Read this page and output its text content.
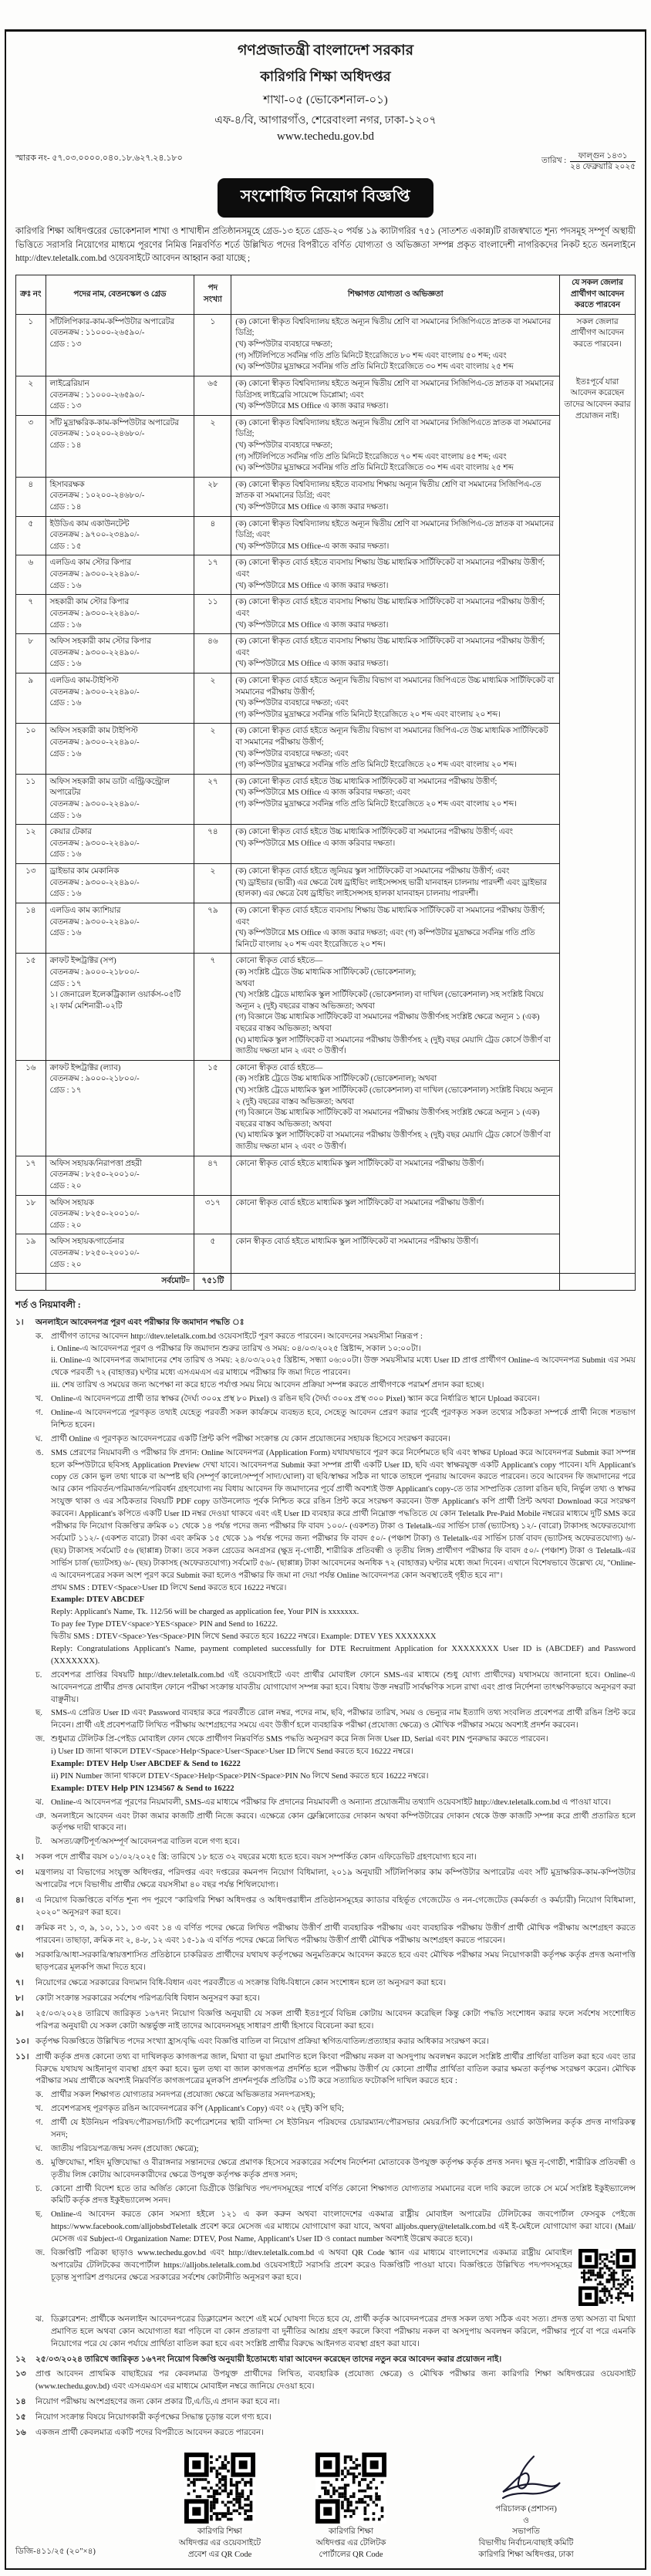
গণপ্রজাতন্ত্রী বাংলাদেশ সরকার
কারিগরি শিক্ষা অধিদপ্তর
শাখা-০৫ (ভোকেশনাল-০১)
এফ-৪/বি, আগারগাঁও, শেরেবাংলা নগর, ঢাকা-১২০৭
www.techedu.gov.bd
স্মারক নং- ৫৭.০৩.০০০০.০৪০.১৮.৬২৭.২৪.১৮০	তারিখ : $\frac{\text{ফাল্গুন ১৪৩১}}{\text{২৪ ফেব্রুয়ারি ২০২৫}}$
সংশোধিত নিয়োগ বিজ্ঞপ্তি

কারিগরি শিক্ষা অধিদপ্তরের ভোকেশনাল শাখা ও শাখাধীন প্রতিষ্ঠানসমূহে গ্রেড-১৩ হতে গ্রেড-২০ পর্যন্ত ১৯ ক্যাটাগরির ৭৫১ (সাতশত একান্ন)টি রাজস্বখাতে শূন্য পদসমূহ সম্পূর্ণ অস্থায়ী ভিত্তিতে সরাসরি নিয়োগের মাধ্যমে পূরণের নিমিত্ত নিম্নবর্ণিত শর্তে উল্লিখিত পদের বিপরীতে বর্ণিত যোগ্যতা ও অভিজ্ঞতা সম্পন্ন প্রকৃত বাংলাদেশী নাগরিকদের নিকট হতে অনলাইনে http://dtev.teletalk.com.bd ওয়েবসাইটে আবেদন আহ্বান করা যাচ্ছে ;

ক্রঃ নং	পদের নাম, বেতনস্কেল ও গ্রেড	পদ সংখ্যা	শিক্ষাগত যোগ্যতা ও অভিজ্ঞতা	যে সকল জেলার প্রার্থীগণ আবেদন করতে পারবেন
১	সাঁটলিপিকার-কাম-কম্পিউটার অপারেটর
বেতনক্রম : ১১০০০-২৬৫৯০/-
গ্রেড : ১৩
	১	(ক) কোনো স্বীকৃত বিশ্ববিদ্যালয় হইতে অন্যূন দ্বিতীয় শ্রেণি বা সমমানের সিজিপিএতে স্নাতক বা সমমানের ডিগ্রি;
(খ) কম্পিউটার ব্যবহারে দক্ষতা;
(গ) সাঁটলিপিতে সর্বনিম্ন গতি প্রতি মিনিটে ইংরেজিতে ৮০ শব্দ এবং বাংলায় ৫০ শব্দ; এবং
(ঘ) কম্পিউটার মুদ্রাক্ষরে সর্বনিম্ন গতি প্রতি মিনিটে ইংরেজিতে ৩০ শব্দ এবং বাংলায় ২৫ শব্দ

সকল জেলার প্রার্থীগণ আবেদন করতে পারবেন।
ইতঃপূর্বে যারা আবেদন করেছেন তাদের আবেদন করার প্রয়োজন নাই।

২	লাইব্রেরিয়ান
বেতনক্রম : ১১০০০-২৬৫৯০/-
গ্রেড : ১৩
	৬৫	(ক) কোনো স্বীকৃত বিশ্ববিদ্যালয় হইতে অন্যূন দ্বিতীয় শ্রেণি বা সমমানের সিজিপিএ-তে স্নাতক বা সমমানের ডিগ্রিসহ লাইব্রেরি সায়েন্সে ডিপ্লোমা; এবং
(খ) কম্পিউটারে MS Office এ কাজ করার দক্ষতা।

৩	সাঁট মুদ্রাক্ষরিক-কাম-কম্পিউটার অপারেটর
বেতনক্রম : ১০২০০-২৪৬৮০/-
গ্রেড : ১৪
	২	(ক) কোনো স্বীকৃত বিশ্ববিদ্যালয় হইতে অন্যূন দ্বিতীয় শ্রেণি বা সমমানের সিজিপিএতে স্নাতক বা সমমানের ডিগ্রি;
(খ) কম্পিউটার ব্যবহারে দক্ষতা;
(গ) সাঁটলিপিতে সর্বনিম্ন গতি প্রতি মিনিটে ইংরেজিতে ৭০ শব্দ এবং বাংলায় ৪৫ শব্দ; এবং
(ঘ) কম্পিউটার মুদ্রাক্ষরে সর্বনিম্ন গতি প্রতি মিনিটে ইংরেজিতে ৩০ শব্দ এবং বাংলায় ২৫ শব্দ

৪	হিসাবরক্ষক
বেতনক্রম : ১০২০০-২৪৬৮০/-
গ্রেড : ১৪
	২৮	(ক) কোনো স্বীকৃত বিশ্ববিদ্যালয় হইতে ব্যবসায় শিক্ষায় অন্যূন দ্বিতীয় শ্রেণি বা সমমানের সিজিপিএ-তে স্নাতক বা সমমানের ডিগ্রি; এবং
(খ) কম্পিউটারে MS Office এ কাজ করার দক্ষতা।

৫	ইউডিএ কাম একাউনটেন্ট
বেতনক্রম : ৯৭০০-২৩৪৯০/-
গ্রেড : ১৫
	৪	(ক) কোনো স্বীকৃত বিশ্ববিদ্যালয় হইতে অন্যূন দ্বিতীয় শ্রেণি বা সমমানের সিজিপিএ-তে স্নাতক বা সমমানের ডিগ্রি; এবং
(খ) কম্পিউটারে MS Office-এ কাজ করার দক্ষতা।

৬	এলডিএ কাম স্টোর কিপার
বেতনক্রম : ৯৩০০-২২৪৯০/-
গ্রেড : ১৬
	১৭	(ক) কোনো স্বীকৃত বোর্ড হইতে ব্যবসায় শিক্ষায় উচ্চ মাধ্যমিক সার্টিফিকেট বা সমমানের পরীক্ষায় উত্তীর্ণ; এবং
(খ) কম্পিউটারে MS Office এ কাজ করার দক্ষতা।

৭	সহকারী কাম স্টোর কিপার
বেতনক্রম : ৯৩০০-২২৪৯০/-
গ্রেড : ১৬
	১১	(ক) কোনো স্বীকৃত বোর্ড হইতে ব্যবসায় শিক্ষায় উচ্চ মাধ্যমিক সার্টিফিকেট বা সমমানের পরীক্ষায় উত্তীর্ণ; এবং
(খ) কম্পিউটারে MS Office এ কাজ করার দক্ষতা।

৮	অফিস সহকারী কাম স্টোর কিপার
বেতনক্রম : ৯৩০০-২২৪৯০/-
গ্রেড : ১৬
	৪৬	(ক) কোনো স্বীকৃত বোর্ড হইতে ব্যবসায় শিক্ষায় উচ্চ মাধ্যমিক সার্টিফিকেট বা সমমানের পরীক্ষায় উত্তীর্ণ; এবং
(খ) কম্পিউটারে MS Office এ কাজ করার দক্ষতা।

৯	এলডিএ কাম-টাইপিস্ট
বেতনক্রম : ৯৩০০-২২৪৯০/-
গ্রেড : ১৬
	২	(ক) কোনো স্বীকৃত বোর্ড হইতে অন্যূন দ্বিতীয় বিভাগ বা সমমানের জিপিএতে উচ্চ মাধ্যমিক সার্টিফিকেট বা সমমানের পরীক্ষায় উত্তীর্ণ;
(খ) কম্পিউটার ব্যবহারে দক্ষতা; এবং
(গ) কম্পিউটার মুদ্রাক্ষরে সর্বনিম্ন গতি মিনিটে ইংরেজিতে ২০ শব্দ এবং বাংলায় ২০ শব্দ।

১০	অফিস সহকারী কাম টাইপিস্ট
বেতনক্রম : ৯৩০০-২২৪৯০/-
গ্রেড : ১৬
	২	(ক) কোনো স্বীকৃত বোর্ড হইতে অন্যূন দ্বিতীয় বিভাগ বা সমমানের জিপিএ-তে উচ্চ মাধ্যমিক সার্টিফিকেট বা সমমানের পরীক্ষায় উত্তীর্ণ;
(খ) কম্পিউটার ব্যবহারে দক্ষতা; এবং
(গ) কম্পিউটার মুদ্রাক্ষরে সর্বনিম্ন গতি প্রতি মিনিটে ইংরেজিতে ২০ শব্দ এবং বাংলায় ২০ শব্দ।

১১	অফিস সহকারী কাম ডাটা এন্ট্রি/কন্ট্রোল অপারেটর
বেতনক্রম : ৯৩০০-২২৪৯০/-
গ্রেড : ১৬
	২৭	(ক) কোনো স্বীকৃত বোর্ড হইতে উচ্চ মাধ্যমিক সার্টিফিকেট বা সমমানের পরীক্ষায় উত্তীর্ণ;
(খ) কম্পিউটারে MS Office এ কাজ করিবার দক্ষতা; এবং
(গ) কম্পিউটার মুদ্রাক্ষরে সর্বনিম্ন গতি প্রতি মিনিটে ইংরেজিতে ২০ শব্দ এবং বাংলায় ২০ শব্দ।

১২	কেয়ার টেকার
বেতনক্রম : ৯৩০০-২২৪৯০/-
গ্রেড : ১৬
	৭৪	(ক) কোনো স্বীকৃত বোর্ড হইতে উচ্চ মাধ্যমিক সার্টিফিকেট বা সমমানের পরীক্ষায় উত্তীর্ণ; এবং
(খ) কম্পিউটারে MS Office এ কাজ করিবার দক্ষতা।

১৩	ড্রাইভার কাম মেকানিক
বেতনক্রম : ৯৩০০-২২৪৯০/-
গ্রেড : ১৬
	২	(ক) কোনো স্বীকৃত বোর্ড হইতে জুনিয়র স্কুল সার্টিফিকেট বা সমমানের পরীক্ষায় উত্তীর্ণ; এবং
(খ) ড্রাইভার (ভারী) এর ক্ষেত্রে বৈধ ড্রাইভিং লাইসেন্সসহ ভারী যানবাহন চালনায় পারদর্শী এবং ড্রাইভার (হালকা) এর ক্ষেত্রে বৈধ ড্রাইভিং লাইসেন্সসহ হালকা যানবাহন চালনায় পারদর্শী।

১৪	এলডিএ কাম ক্যাশিয়ার
বেতনক্রম : ৯৩০০-২২৪৯০/-
গ্রেড : ১৬
	৭৯	(ক) কোনো স্বীকৃত বোর্ড হইতে ব্যবসায় শিক্ষায় উচ্চ মাধ্যমিক সার্টিফিকেট বা সমমানের পরীক্ষায় উত্তীর্ণ; এবং
(খ) কম্পিউটারে MS Office এ কাজ করার দক্ষতা; এবং (গ) কম্পিউটার মুদ্রাক্ষরে সর্বনিম্ন গতি প্রতি মিনিটে বাংলায় ২০ শব্দ এবং ইংরেজিতে ২০ শব্দ।

১৫	ক্রাফট ইন্সট্রাক্টর (সপ)
বেতনক্রম : ৯০০০-২১৮০০/-
গ্রেড : ১৭
১। জেনারেল ইলেকট্রিক্যাল ওয়ার্কস-০৫টি
২। ফার্ম মেশিনারী-০২টি
	৭	কোনো স্বীকৃত বোর্ড হইতে—
(ক) সংশ্লিষ্ট ট্রেডে উচ্চ মাধ্যমিক সার্টিফিকেট (ভোকেশনাল);
অথবা
(খ) সংশ্লিষ্ট ট্রেডে মাধ্যমিক স্কুল সার্টিফিকেট (ভোকেশনাল) বা দাখিল (ভোকেশনাল) সহ সংশ্লিষ্ট বিষয়ে অন্যূন ২ (দুই) বছরের বাস্তব অভিজ্ঞতা; অথবা
(গ) বিজ্ঞানে উচ্চ মাধ্যমিক সার্টিফিকেট বা সমমানের পরীক্ষায় উত্তীর্ণসহ সংশ্লিষ্ট ক্ষেত্রে অন্যূন ১ (এক) বছরের বাস্তব অভিজ্ঞতা; অথবা
(ঘ) মাধ্যমিক স্কুল সার্টিফিকেট বা সমমানের পরীক্ষায় উত্তীর্ণসহ ২ (দুই) বছর মেয়াদি ট্রেড কোর্সে উত্তীর্ণ বা জাতীয় দক্ষতা মান ২ এবং ৩ উত্তীর্ণ।

১৬	ক্রাফট ইন্সট্রাক্টর (ল্যাব)
বেতনক্রম : ৯০০০-২১৮০০/-
গ্রেড : ১৭
	১৫	কোনো স্বীকৃত বোর্ড হইতে—
(ক) সংশ্লিষ্ট ট্রেডে উচ্চ মাধ্যমিক সার্টিফিকেট (ভোকেশনাল); অথবা
(খ) সংশ্লিষ্ট ট্রেডে মাধ্যমিক স্কুল সার্টিফিকেট (ভোকেশনাল) বা দাখিল (ভোকেশনাল) সংশ্লিষ্ট বিষয়ে অন্যূন ২ (দুই) বছরের বাস্তব অভিজ্ঞতা; অথবা
(গ) বিজ্ঞানে উচ্চ মাধ্যমিক সার্টিফিকেট বা সমমানের পরীক্ষায় উত্তীর্ণসহ সংশ্লিষ্ট ক্ষেত্রে অন্যূন ১ (এক) বছরের বাস্তব অভিজ্ঞতা; অথবা
(ঘ) মাধ্যমিক স্কুল সার্টিফিকেট বা সমমানের পরীক্ষায় উত্তীর্ণসহ ২ (দুই) বছর মেয়াদি ট্রেড কোর্সে উত্তীর্ণ বা জাতীয় দক্ষতা মান ২ এবং ৩ উত্তীর্ণ।

১৭	অফিস সহায়ক/নিরাপত্তা প্রহরী
বেতনক্রম : ৮২৫০-২০০১০/-
গ্রেড : ২০	৪৭	কোনো স্বীকৃত বোর্ড হইতে মাধ্যমিক স্কুল সার্টিফিকেট বা সমমানের পরীক্ষায় উত্তীর্ণ।	

১৮	অফিস সহায়ক
বেতনক্রম : ৮২৫০-২০০১০/-
গ্রেড : ২০	৩১৭	কোনো স্বীকৃত বোর্ড হইতে মাধ্যমিক স্কুল সার্টিফিকেট বা সমমানের পরীক্ষায় উত্তীর্ণ।	

১৯	অফিস সহায়ক/গার্ডেনার
বেতনক্রম : ৮২৫০-২০০১০/-
গ্রেড : ২০	৫	কোন স্বীকৃত বোর্ড হইতে মাধ্যমিক স্কুল সার্টিফিকেট বা সমমানের পরীক্ষায় উত্তীর্ণ।	

	সর্বমোট=	৭৫১টি		
শর্ত ও নিয়মাবলী :
১।	অনলাইনে আবেদনপত্র পূরণ এবং পরীক্ষার ফি জমাদান পদ্ধতি ঃ
ক. প্রার্থীগণ তাদের আবেদন http://dtev.teletalk.com.bd ওয়েবসাইটে পূরণ করতে পারবেন। আবেদনের সময়সীমা নিম্নরূপ :
i. Online-এ আবেদনপত্র পূরণ ও পরীক্ষার ফি জমাদান শুরুর তারিখ ও সময়: ০৪/০৩/২০২৫ খ্রিষ্টাব্দ, সকাল ১০:০০টা।
ii. Online-এ আবেদনপত্র জমাদানের শেষ তারিখ ও সময়: ২৪/০৩/২০২৫ খ্রিষ্টাব্দ, সন্ধ্যা ০৬:০০টা। উক্ত সময়সীমার মধ্যে User ID প্রাপ্ত প্রার্থীগণ Online-এ আবেদনপত্র Submit এর সময় থেকে পরবর্তী ৭২ (বাহাত্তর) ঘণ্টার মধ্যে এসএমএস এর মাধ্যমে পরীক্ষার ফি জমা দিতে পারবেন।
iii. শেষ তারিখ ও সময়ের জন্য অপেক্ষা না করে হাতে পর্যাপ্ত সময় নিয়ে আবেদন প্রক্রিয়া সম্পন্ন করতে প্রার্থীগণকে পরামর্শ প্রদান করা হচ্ছে।
খ. Online-এ আবেদনপত্রে প্রার্থী তার স্বাক্ষর (দৈর্ঘ্য ৩০০x প্রস্থ ৮০ Pixel) ও রঙিন ছবি (দৈর্ঘ্য ৩০০x প্রস্থ ৩০০ Pixel) স্ক্যান করে নির্ধারিত স্থানে Upload করবেন।
গ. Online-এ আবেদনপত্রে পূরণকৃত তথ্যই যেহেতু পরবর্তী সকল কার্যক্রমে ব্যবহৃত হবে, সেহেতু আবেদন প্রেরণ করার পূর্বেই পূরণকৃত সকল তথ্যের সঠিকতা সম্পর্কে প্রার্থী নিজে শতভাগ নিশ্চিত হবেন।
ঘ.	প্রার্থী Online এ পূরণকৃত আবেদনপত্রের একটি প্রিন্ট কপি পরীক্ষা সংক্রান্ত যে কোন প্রয়োজনের সহায়ক হিসেবে সংরক্ষণ করবেন।
ঙ. SMS প্রেরণের নিয়মাবলী ও পরীক্ষার ফি প্রদান: Online আবেদনপত্র (Application Form) যথাযথভাবে পূরণ করে নির্দেশমতে ছবি এবং স্বাক্ষর Upload করে আবেদনপত্র Submit করা সম্পন্ন হলে কম্পিউটারে ছবিসহ Application Preview দেখা যাবে। আবেদনপত্র Submit করা সম্পন্ন প্রার্থী একটি User ID, ছবি এবং স্বাক্ষরযুক্ত একটি Applicant's copy পাবেন। যদি Applicant's copy তে কোন ভুল তথ্য থাকে বা অস্পষ্ট ছবি (সম্পূর্ণ কালো/সম্পূর্ণ সাদা/ঘোলা) বা ছবি/স্বাক্ষর সঠিক না থাকে তাহলে পুনরায় আবেদন করতে পারবেন। তবে আবেদন ফি জমাদানের পরে আর কোন পরিবর্তন/পরিমার্জন/পরিবর্ধন গ্রহণযোগ্য নয় বিধায় আবেদন ফি জমাদানের পূর্বে প্রার্থী অবশ্যই উক্ত Applicant's copy-তে তার সাম্প্রতিক তোলা রঙিন ছবি, নির্ভুল তথ্য ও স্বাক্ষর সংযুক্ত থাকা ও এর সঠিকতার বিষয়টি PDF copy ডাউনলোড পূর্বক নিশ্চিত করে রঙিন প্রিন্ট করে সংরক্ষণ করবেন। উক্ত Applicant's কপি প্রার্থী প্রিন্ট অথবা Download করে সংরক্ষণ করবেন। Applicant's কপিতে একটি User ID নম্বর দেওয়া থাকবে এবং এই User ID ব্যবহার করে প্রার্থী নিম্নোক্ত পদ্ধতিতে যে কোন Teletalk Pre-Paid Mobile নম্বরের মাধ্যমে দুটি SMS করে পরীক্ষার ফি নিয়োগ বিজ্ঞপ্তি'র ক্রমিক ০১ থেকে ১৪ পর্যন্ত পদের জন্য পরীক্ষার ফি বাবদ ১০০/- (একশত) টাকা ও Teletalk-এর সার্ভিস চার্জ (ভ্যাটসহ) ১২/- (বারো) টাকাসহ অফেরতযোগ্য সর্বমোট ১১২/- (একশত বারো) টাকা এবং ক্রমিক ১৫ থেকে ১৯ পর্যন্ত পদের জন্য পরীক্ষার ফি বাবদ ৫০/- (পঞ্চাশ টাকা) ও Teletalk-এর সার্ভিস চার্জ বাবদ (ভ্যাটসহ অফেরতযোগ্য) ৬/- (ছয়) টাকাসহ সর্বমোট ৫৬ (ছাপ্পান্ন) টাকা। তবে সকল গ্রেডের অনগ্রসর (ক্ষুদ্র নৃ-গোষ্ঠী, শারীরিক প্রতিবন্ধী ও তৃতীয় লিঙ্গ) প্রার্থীগণ পরীক্ষার ফি বাবদ ৫০/- (পঞ্চাশ) টাকা ও Teletalk-এর সার্ভিস চার্জ (ভ্যাটসহ) ৬/- (ছয়) টাকাসহ (অফেরতযোগ্য) সর্বমোট ৫৬/- (ছাপ্পান্ন) টাকা আবেদনের অনধিক ৭২ (বাহাত্তর) ঘণ্টার মধ্যে জমা দিবেন। এখানে বিশেষভাবে উল্লেখ্য যে, "Online-এ আবেদনপত্রের সকল অংশ পূরণ করে Submit করা হলেও পরীক্ষার ফি জমা না দেয়া পর্যন্ত Online আবেদনপত্র কোন অবস্থাতেই গৃহীত হবে না"।
প্রথম SMS : DTEV<Space>User ID লিখে Send করতে হবে 16222 নম্বরে।
Example: DTEV ABCDEF
Reply: Applicant's Name, Tk. 112/56 will be charged as application fee, Your PIN is xxxxxxx.
To pay fee Type DTEV<space>YES<space> PIN and Send to 16222.
দ্বিতীয় SMS : DTEV<Space>Yes<Space>PIN লিখে Send করতে হবে 16222 নম্বরে। Example: DTEV YES XXXXXXX
Reply: Congratulations Applicant's Name, payment completed successfully for DTE Recruitment Application for XXXXXXXX User ID is (ABCDEF) and Password (XXXXXXX).
চ.	প্রবেশপত্র প্রাপ্তির বিষয়টি http://dtev.teletalk.com.bd এই ওয়েবসাইটে এবং প্রার্থীর মোবাইল ফোনে SMS-এর মাধ্যমে (শুধু যোগ্য প্রার্থীদের) যথাসময়ে জানানো হবে। Online-এ আবেদনপত্রে প্রার্থীর প্রদত্ত মোবাইল ফোনে পরীক্ষা সংক্রান্ত যাবতীয় যোগাযোগ সম্পন্ন করা হবে। বিধায় উক্ত নম্বরটি সার্বক্ষণিক সচল রাখা এবং প্রাপ্ত নির্দেশনা তাৎক্ষণিকভাবে অনুসরণ করা বাঞ্ছনীয়।
ছ.	SMS-এ প্রেরিত User ID এবং Password ব্যবহার করে পরবর্তীতে রোল নম্বর, পদের নাম, ছবি, পরীক্ষার তারিখ, সময় ও ভেন্যুর নাম ইত্যাদি তথ্য সংবলিত প্রবেশপত্র প্রার্থী রঙিন প্রিন্ট করে নিবেন। প্রার্থী এই প্রবেশপত্রটি লিখিত পরীক্ষায় অংশগ্রহণের সময়ে এবং উত্তীর্ণ হলে ব্যবহারিক পরীক্ষা (প্রযোজ্য ক্ষেত্রে) ও মৌখিক পরীক্ষার সময়ে অবশ্যই প্রদর্শন করবেন।
জ. শুধুমাত্র টেলিটক প্রি-পেইড মোবাইল ফোন থেকে প্রার্থীগণ নিম্নবর্ণিত SMS পদ্ধতি অনুসরণ করে নিজ নিজ User ID, Serial এবং PIN পুনরুদ্ধার করতে পারবেন।
i) User ID জানা থাকলে DTEV<Space>Help<Space>User<Space>User ID লিখে Send করতে হবে 16222 নম্বরে।
Example: DTEV Help User ABCDEF & Send to 16222
ii) PIN Number জানা থাকলে DTEV<Space>Help<Space>PIN<Space>PIN No লিখে Send করতে হবে 16222 নম্বরে।
Example: DTEV Help PIN 1234567 & Send to 16222
ঝ. Online-এ আবেদনপত্র পূরণের নিয়মাবলী, SMS-এর মাধ্যমে পরীক্ষার ফি প্রদানের নিয়মাবলী ও অন্যান্য প্রয়োজনীয় তথ্যাদি ওয়েবসাইট http://dtev.teletalk.com.bd এ পাওয়া যাবে।
ঞ. অনলাইনে আবেদন এবং টাকা জমার কাজটি প্রার্থী নিজে করবে। এক্ষেত্রে কোন ফ্লেক্সিলোডের দোকান অথবা কম্পিউটারের দোকান থেকে উক্ত কাজটি সম্পন্ন করে প্রার্থী প্রতারিত হলে কর্তৃপক্ষ দায়ী থাকবে না।
ট.	অসত্য/ত্রুটিপূর্ণ/অসম্পূর্ণ আবেদনপত্র বাতিল বলে গণ্য হবে।
২।	সকল পদে প্রার্থীর বয়স ০১/০২/২০২৫ খ্রি: তারিখে ১৮ হতে ৩২ বছরের মধ্যে হতে হবে। বয়স সম্পর্কিত কোন এফিডেভিট গ্রহণযোগ্য হবে না।
৩।	মন্ত্রণালয় বা বিভাগের সংযুক্ত অধিদপ্তর, পরিদপ্তর এবং দপ্তরের কমনপদ নিয়োগ বিধিমালা, ২০১৯ অনুযায়ী সাঁটলিপিকার কাম কম্পিউটার অপারেটর এবং সাঁট মুদ্রাক্ষরিক-কাম-কম্পিউটার অপারেটর পদে বিভাগীয় প্রার্থীর ক্ষেত্রে বয়সসীমা ৪০ বছর পর্যন্ত শিথিলযোগ্য।
৪।	এ নিয়োগ বিজ্ঞপ্তিতে বর্ণিত শূন্য পদ পূরণে "কারিগরি শিক্ষা অধিদপ্তর ও অধিদপ্তরাধীন প্রতিষ্ঠানসমূহের ক্যাডার বহির্ভূত গেজেটেড ও নন-গেজেটেড (কর্মকর্তা ও কর্মচারী) নিয়োগ বিধিমালা, ২০২০" অনুসরণ করা হবে।
৫।	ক্রমিক নং ১, ৩, ৯, ১০, ১১, ১৩ এবং ১৪ এ বর্ণিত পদের ক্ষেত্রে লিখিত পরীক্ষায় উত্তীর্ণ প্রার্থী ব্যবহারিক পরীক্ষায় এবং ব্যবহারিক পরীক্ষায় উত্তীর্ণ প্রার্থী মৌখিক পরীক্ষায় অংশগ্রহণ করতে পারবেন। তাছাড়া, ক্রমিক নং ২, ৪-৮, ১২ এবং ১৫-১৯ এ বর্ণিত পদের ক্ষেত্রে লিখিত পরীক্ষায় উত্তীর্ণ প্রার্থী মৌখিক পরীক্ষায় অংশগ্রহণ করতে পারবেন।
৬।	সরকারি/আধা-সরকারি/স্বায়ত্তশাসিত প্রতিষ্ঠানে চাকরিরত প্রার্থীদের যথাযথ কর্তৃপক্ষের অনুমতিক্রমে আবেদন করতে হবে এবং মৌখিক পরীক্ষার সময় নিয়োগকারী কর্তৃপক্ষ কর্তৃক প্রদত্ত অনাপত্তি ছাড়পত্রের মূলকপি জমা দিতে হবে।
৭।	নিয়োগের ক্ষেত্রে সরকারের বিদ্যমান বিধি-বিধান এবং পরবর্তীতে এ সংক্রান্ত বিধি-বিধানে কোন সংশোধন হলে তা অনুসরণ করা হবে।
৮।	কোটা সংক্রান্ত সরকারের সর্বশেষ পরিপত্র/বিধি বিধান অনুসরণ করা হবে।
৯।	২৫/০৩/২০২৪ তারিখে জারিকৃত ১৬৭নং নিয়োগ বিজ্ঞপ্তি অনুযায়ী যে সকল প্রার্থী ইতঃপূর্বে বিভিন্ন কোটায় আবেদন করেছিল কিন্তু কোটা পদ্ধতি সংশোধন করার ফলে সর্বশেষ সংশোধিত পরিপত্র অনুযায়ী যে সকল কোটা অন্তর্ভুক্ত নাই তাদের আবেদনসমূহ সাধারণ প্রার্থী হিসাবে বিবেচনা করা হবে।
১০। কর্তৃপক্ষ বিজ্ঞপ্তিতে উল্লিখিত পদের সংখ্যা হ্রাস/বৃদ্ধি এবং বিজ্ঞপ্তি বাতিল বা নিয়োগ প্রক্রিয়া স্থগিত/বাতিল/প্রত্যাহার করার অধিকার সংরক্ষণ করে।
১১। প্রার্থী কর্তৃক প্রদত্ত কোনো তথ্য বা দাখিলকৃত কাগজপত্র জাল, মিথ্যা বা ভুয়া প্রমাণিত হলে কিংবা পরীক্ষায় নকল বা অসদুপায় অবলম্বন করলে সংশ্লিষ্ট প্রার্থীর প্রার্থিতা বাতিল করা হবে এবং তার বিরুদ্ধে যথাযথ আইনানুগ ব্যবস্থা গ্রহণ করা হবে। ভুল তথ্য বা জাল কাগজপত্র প্রদর্শিত হলে পরীক্ষায় উত্তীর্ণ যে কোনো প্রার্থীর প্রার্থিতা বাতিল করার ক্ষমতা কর্তৃপক্ষ সংরক্ষণ করেন। মৌখিক পরীক্ষার সময় প্রার্থীকে অবশ্যই নিম্নবর্ণিত কাগজপত্রের মূলকপি প্রদর্শনপূর্বক প্রতিটির ০১টি করে সত্যায়িত ফটোকপি দাখিল করতে হবে :
ক. প্রার্থীর সকল শিক্ষাগত যোগ্যতার সনদপত্র (প্রযোজ্য ক্ষেত্রে অভিজ্ঞতার সনদপত্রসহ);
খ. প্রবেশপত্রসহ পূরণকৃত রঙিন আবেদনপত্রের কপি (Applicant's Copy) এবং ০২ (দুই) কপি ছবি;
গ. প্রার্থী যে ইউনিয়ন পরিষদ/পৌরসভা/সিটি কর্পোরেশনের স্থায়ী বাসিন্দা সে ইউনিয়ন পরিষদের চেয়ারম্যান/পৌরসভার মেয়র/সিটি কর্পোরেশনের ওয়ার্ড কাউন্সিলর কর্তৃক প্রদত্ত নাগরিকত্ব সনদ;
ঘ.	জাতীয় পরিচয়পত্র/জন্ম সনদ (প্রযোজ্য ক্ষেত্রে);
ঙ. মুক্তিযোদ্ধা, শহিদ মুক্তিযোদ্ধা ও বীরাঙ্গনার সন্তানদের ক্ষেত্রে প্রমাণক হিসেবে সরকারের সর্বশেষ নির্দেশনা মোতাবেক উপযুক্ত কর্তৃপক্ষ কর্তৃক প্রদত্ত সনদ। ক্ষুদ্র নৃ-গোষ্ঠী, শারীরিক প্রতিবন্ধী ও তৃতীয় লিঙ্গ কোটায় আবেদনকারীদের ক্ষেত্রে উপযুক্ত কর্তৃপক্ষ কর্তৃক প্রদত্ত সনদ;
চ.	কোনো প্রার্থী বিদেশ হতে তার অর্জিত কোনো ডিগ্রীকে উল্লিখিত পদ/পদসমূহের পার্শ্বে বর্ণিত কোনো শিক্ষাগত যোগ্যতার সমমানের বলে দাবি করলে তাকে সে মর্মে সংশ্লিষ্ট ইকুইভ্যালেন্স কমিটি কর্তৃক প্রদত্ত ইকুইভ্যালেন্স সনদ।
ছ.	Online-এ আবেদন করতে কোন সমস্যা হইলে ১২১ এ কল করুন অথবা বাংলাদেশের একমাত্র রাষ্ট্রীয় মোবাইল অপারেটর টেলিটকের জবপোর্টাল ফেসবুক পেইজে https://www.facebook.com/alljobsbdTeletalk প্রবেশ করে মেসেজ এর মাধ্যমে যোগাযোগ করা যাবে, অথবা alljobs.query@teletalk.com.bd এই ই-মেইলে যোগাযোগ করা যাবে। (Mail/মেসেজ এর Subject-এ Organization Name: DTEV, Post Name, Applicant's User ID ও contact number অবশ্যই উল্লেখ করতে হবে)।
জ. বিজ্ঞপ্তিটি পত্রিকা ছাড়াও www.techedu.gov.bd এবং http://dtev.teletalk.com.bd এ অথবা QR Code স্ক্যান এর মাধ্যমে বাংলাদেশের একমাত্র রাষ্ট্রীয় মোবাইল অপারেটর টেলিটকের জবপোর্টাল https://alljobs.teletalk.com.bd ওয়েবসাইটে সরাসরি প্রবেশ করেও বিজ্ঞপ্তিটি পাওয়া যাবে। বিজ্ঞপ্তিতে উল্লিখিত পদ/পদসমূহের চূড়ান্ত সুপারিশ প্রণয়নের ক্ষেত্রে সরকারের সর্বশেষ কোটানীতি অনুসরণ করা হবে।
ঝ. ডিক্লারেশন: প্রার্থীকে অনলাইন আবেদনপত্রের ডিক্লারেশন অংশে এই মর্মে ঘোষণা দিতে হবে যে, প্রার্থী কর্তৃক আবেদনপত্রের প্রদত্ত সকল তথ্য সঠিক এবং সত্য। প্রদত্ত তথ্য অসত্য বা মিথ্যা প্রমাণিত হলে অথবা কোন অযোগ্যতা ধরা পড়িলে বা কোন প্রতারণা বা দুর্নীতির আশ্রয় গ্রহণ করলে কিংবা পরীক্ষায় নকল বা অসদুপায় অবলম্বন করিলে, পরীক্ষার পূর্বে বা পরে এমনকি নিয়োগের পরে যে কোন পর্যায়ে প্রার্থিতা বাতিল করা হবে এবং সংশ্লিষ্ট প্রার্থীর বিরুদ্ধে আইনগত ব্যবস্থা গ্রহণ করা যাবে।
১২	২৫/০৩/২০২৪ তারিখে জারিকৃত ১৬৭নং নিয়োগ বিজ্ঞপ্তি অনুযায়ী ইতোমধ্যে যারা আবেদন করেছেন তাদের নতুন করে আবেদন করার প্রয়োজন নাই।
১৩	প্রাপ্ত আবেদন প্রাথমিক বাছাইয়ের পর কেবলমাত্র উপযুক্ত প্রার্থীদের লিখিত, ব্যবহারিক (প্রযোজ্য ক্ষেত্রে) ও মৌখিক পরীক্ষার জন্য কারিগরি শিক্ষা অধিদপ্তরের ওয়েবসাইট (www.techedu.gov.bd) এবং এসএমএস এর মাধ্যমে মোবাইল নম্বরে জানিয়ে দেওয়া হবে।
১৪	নিয়োগ পরীক্ষায় অংশগ্রহণের জন্য কোন প্রকার টি,এ/ডি,এ প্রদান করা হবে না।
১৫	নিয়োগ সংক্রান্ত বিষয়ে নিয়োগকারী কর্তৃপক্ষের সিদ্ধান্ত চূড়ান্ত বলে গণ্য হবে।
১৬	একজন প্রার্থী কেবলমাত্র একটি পদের বিপরীতে আবেদন করতে পারবেন।
ডিজি-৪১১/২৫ (২০"×৪)
কারিগরি শিক্ষা
অধিদপ্তর এর ওয়েবসাইটে
প্রবেশ এর QR Code
কারিগরি শিক্ষা
অধিদপ্তর এর টেলিটক
পোর্টালের QR Code
পরিচালক (প্রশাসন)
ও
সভাপতি
বিভাগীয় নির্বাচন/বাছাই কমিটি
কারিগরি শিক্ষা অধিদপ্তর, ঢাকা
